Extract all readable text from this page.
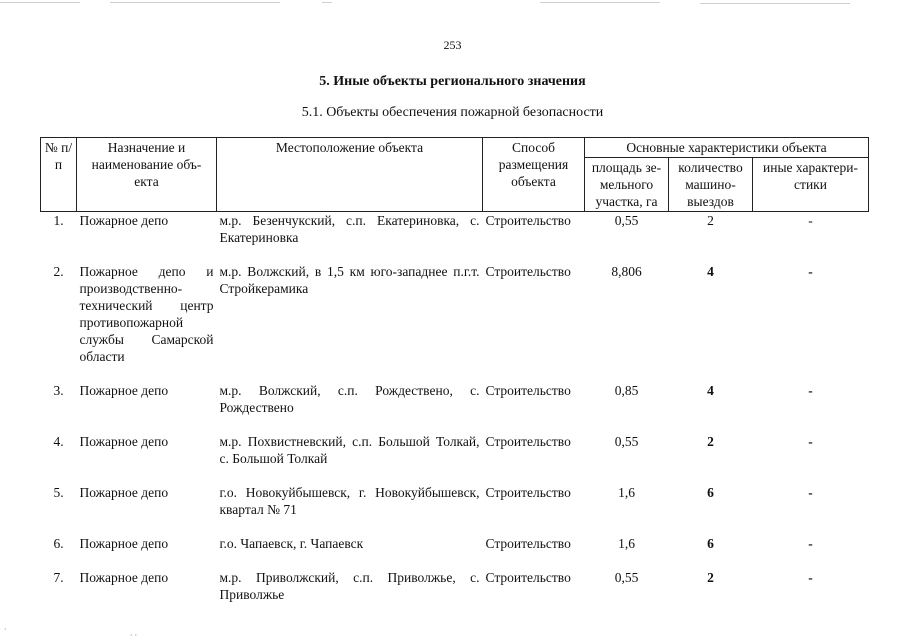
253
5. Иные объекты регионального значения
5.1. Объекты обеспечения пожарной безопасности
№ п/п	Назначение и наименование объ-екта	Местоположение объекта	Способ размещения объекта	Основные характеристики объекта		
				площадь зе-мельного участка, га	количество машино-выездов	иные характери-стики
1.	Пожарное депо	м.р. Безенчукский, с.п. Екатериновка, с. Екатериновка	Строительство	0,55	2	-
2.	Пожарное депо и производственно-технический центр противопожарной службы Самарской области	м.р. Волжский, в 1,5 км юго-западнее п.г.т. Стройкерамика	Строительство	8,806	4	-
3.	Пожарное депо	м.р. Волжский, с.п. Рождествено, с. Рождествено	Строительство	0,85	4	-
4.	Пожарное депо	м.р. Похвистневский, с.п. Большой Толкай, с. Большой Толкай	Строительство	0,55	2	-
5.	Пожарное депо	г.о. Новокуйбышевск, г. Новокуйбышевск, квартал № 71	Строительство	1,6	6	-
6.	Пожарное депо	г.о. Чапаевск, г. Чапаевск	Строительство	1,6	6	-
7.	Пожарное депо	м.р. Приволжский, с.п. Приволжье, с. Приволжье	Строительство	0,55	2	-
⸱
⸱ ⸱
